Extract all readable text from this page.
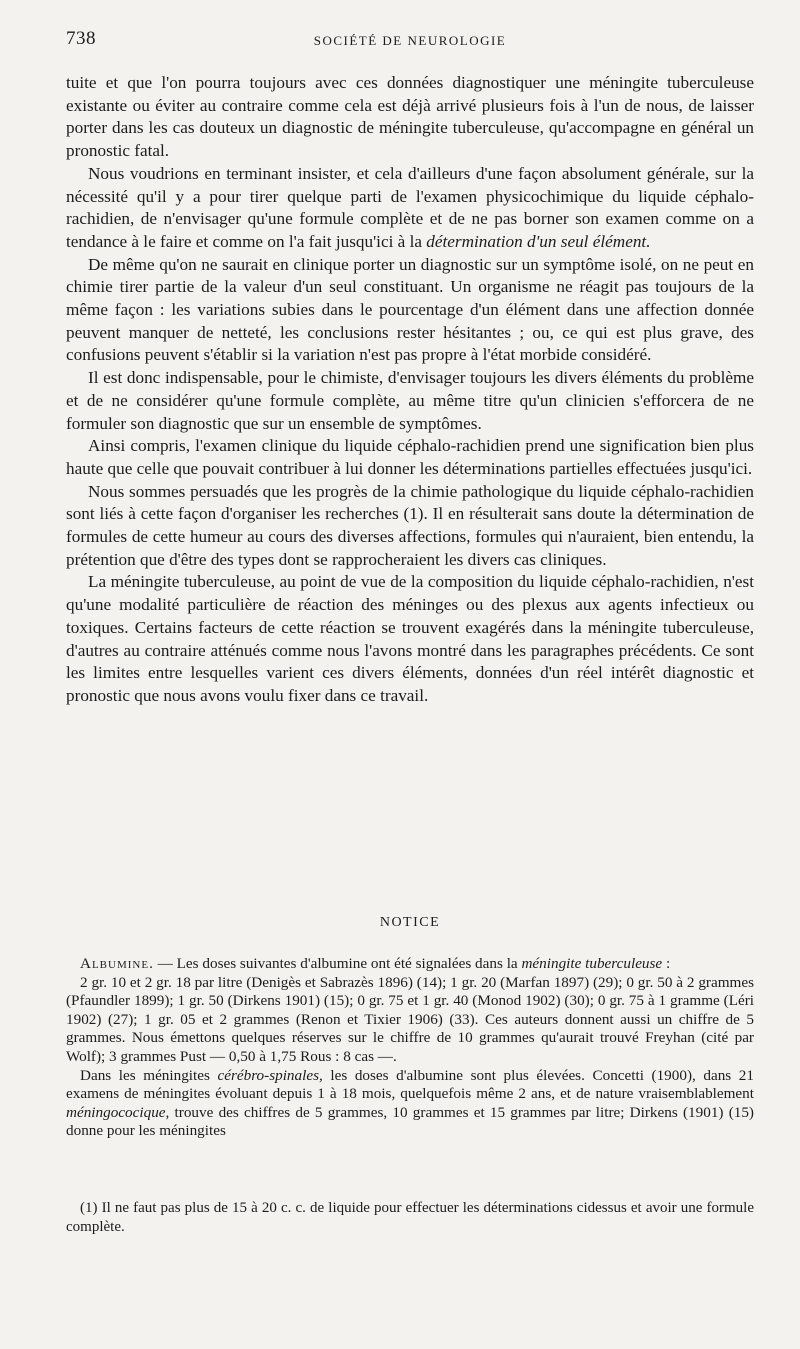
738	SOCIÉTÉ DE NEUROLOGIE

tuite et que l'on pourra toujours avec ces données diagnostiquer une méningite tuberculeuse existante ou éviter au contraire comme cela est déjà arrivé plusieurs fois à l'un de nous, de laisser porter dans les cas douteux un diagnostic de méningite tuberculeuse, qu'accompagne en général un pronostic fatal.

Nous voudrions en terminant insister, et cela d'ailleurs d'une façon absolument générale, sur la nécessité qu'il y a pour tirer quelque parti de l'examen physicochimique du liquide céphalo-rachidien, de n'envisager qu'une formule complète et de ne pas borner son examen comme on a tendance à le faire et comme on l'a fait jusqu'ici à la détermination d'un seul élément.

De même qu'on ne saurait en clinique porter un diagnostic sur un symptôme isolé, on ne peut en chimie tirer partie de la valeur d'un seul constituant. Un organisme ne réagit pas toujours de la même façon : les variations subies dans le pourcentage d'un élément dans une affection donnée peuvent manquer de netteté, les conclusions rester hésitantes ; ou, ce qui est plus grave, des confusions peuvent s'établir si la variation n'est pas propre à l'état morbide considéré.

Il est donc indispensable, pour le chimiste, d'envisager toujours les divers éléments du problème et de ne considérer qu'une formule complète, au même titre qu'un clinicien s'efforcera de ne formuler son diagnostic que sur un ensemble de symptômes.

Ainsi compris, l'examen clinique du liquide céphalo-rachidien prend une signification bien plus haute que celle que pouvait contribuer à lui donner les déterminations partielles effectuées jusqu'ici.

Nous sommes persuadés que les progrès de la chimie pathologique du liquide céphalo-rachidien sont liés à cette façon d'organiser les recherches (1). Il en résulterait sans doute la détermination de formules de cette humeur au cours des diverses affections, formules qui n'auraient, bien entendu, la prétention que d'être des types dont se rapprocheraient les divers cas cliniques.

La méningite tuberculeuse, au point de vue de la composition du liquide céphalo-rachidien, n'est qu'une modalité particulière de réaction des méninges ou des plexus aux agents infectieux ou toxiques. Certains facteurs de cette réaction se trouvent exagérés dans la méningite tuberculeuse, d'autres au contraire atténués comme nous l'avons montré dans les paragraphes précédents. Ce sont les limites entre lesquelles varient ces divers éléments, données d'un réel intérêt diagnostic et pronostic que nous avons voulu fixer dans ce travail.

NOTICE

Albumine. — Les doses suivantes d'albumine ont été signalées dans la méningite tuberculeuse :

2 gr. 10 et 2 gr. 18 par litre (Denigès et Sabrazès 1896) (14); 1 gr. 20 (Marfan 1897) (29); 0 gr. 50 à 2 grammes (Pfaundler 1899); 1 gr. 50 (Dirkens 1901) (15); 0 gr. 75 et 1 gr. 40 (Monod 1902) (30); 0 gr. 75 à 1 gramme (Léri 1902) (27); 1 gr. 05 et 2 grammes (Renon et Tixier 1906) (33). Ces auteurs donnent aussi un chiffre de 5 grammes. Nous émettons quelques réserves sur le chiffre de 10 grammes qu'aurait trouvé Freyhan (cité par Wolf); 3 grammes Pust — 0,50 à 1,75 Rous : 8 cas —.

Dans les méningites cérébro-spinales, les doses d'albumine sont plus élevées. Concetti (1900), dans 21 examens de méningites évoluant depuis 1 à 18 mois, quelquefois même 2 ans, et de nature vraisemblablement méningococique, trouve des chiffres de 5 grammes, 10 grammes et 15 grammes par litre; Dirkens (1901) (15) donne pour les méningites

(1) Il ne faut pas plus de 15 à 20 c. c. de liquide pour effectuer les déterminations cidessus et avoir une formule complète.
